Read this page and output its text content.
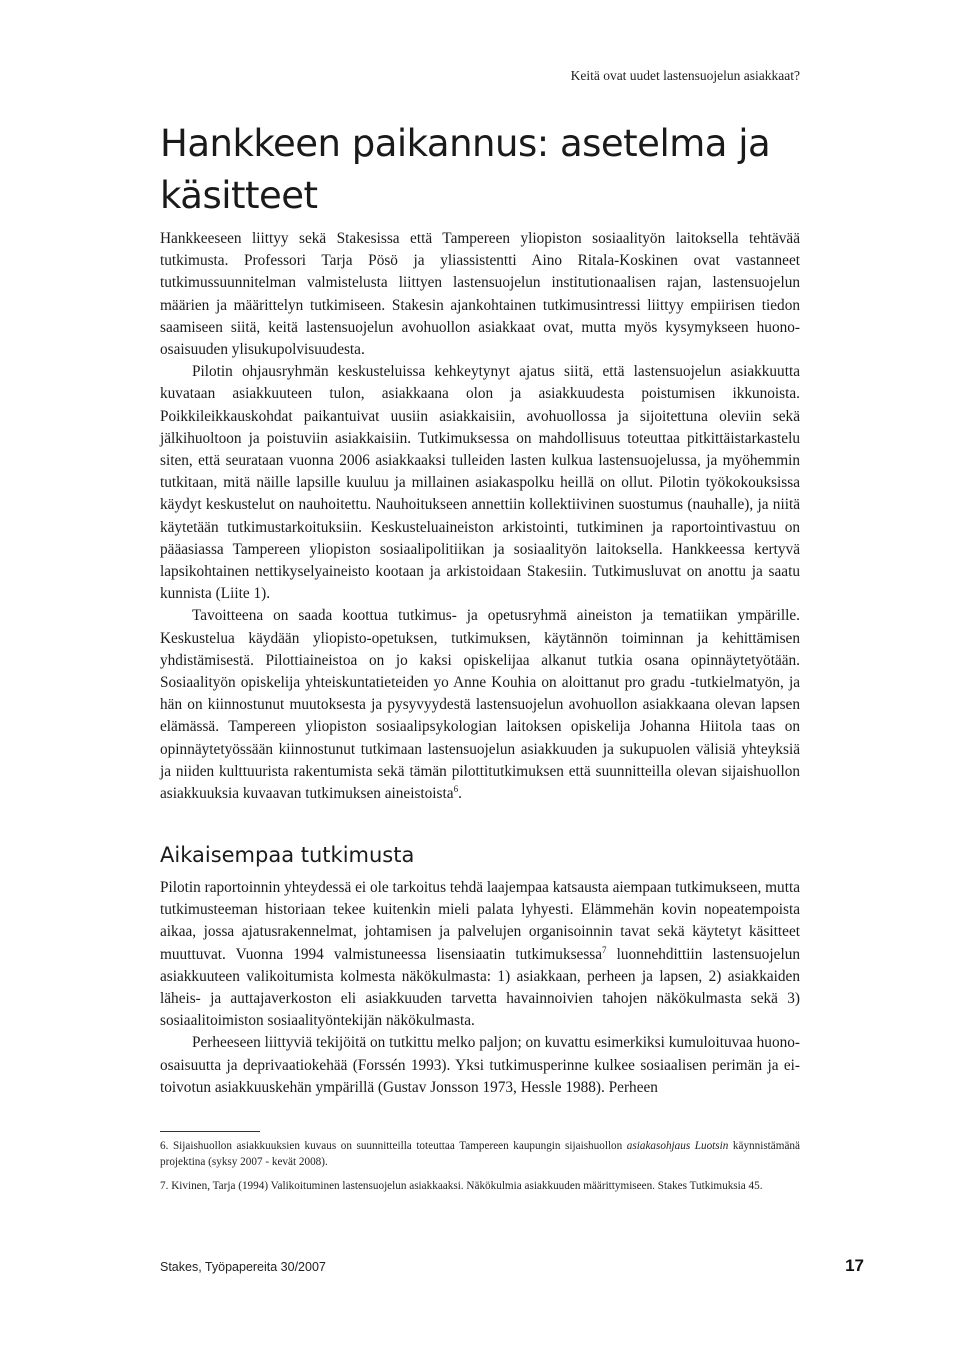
Keitä ovat uudet lastensuojelun asiakkaat?
Hankkeen paikannus: asetelma ja käsitteet

Hankkeeseen liittyy sekä Stakesissa että Tampereen yliopiston sosiaalityön laitoksella tehtävää tutkimusta. Professori Tarja Pösö ja yliassistentti Aino Ritala-Koskinen ovat vastanneet tutkimussuunnitelman valmistelusta liittyen lastensuojelun institutionaalisen rajan, lastensuojelun määrien ja määrittelyn tutkimiseen. Stakesin ajankohtainen tutkimusintressi liittyy empiirisen tiedon saamiseen siitä, keitä lastensuojelun avohuollon asiakkaat ovat, mutta myös kysymykseen huono-osaisuuden ylisukupolvisuudesta.

Pilotin ohjausryhmän keskusteluissa kehkeytynyt ajatus siitä, että lastensuojelun asiakkuutta kuvataan asiakkuuteen tulon, asiakkaana olon ja asiakkuudesta poistumisen ikkunoista. Poikkileikkauskohdat paikantuivat uusiin asiakkaisiin, avohuollossa ja sijoitettuna oleviin sekä jälkihuoltoon ja poistuviin asiakkaisiin. Tutkimuksessa on mahdollisuus toteuttaa pitkittäistarkastelu siten, että seurataan vuonna 2006 asiakkaaksi tulleiden lasten kulkua lastensuojelussa, ja myöhemmin tutkitaan, mitä näille lapsille kuuluu ja millainen asiakaspolku heillä on ollut. Pilotin työkokouksissa käydyt keskustelut on nauhoitettu. Nauhoitukseen annettiin kollektiivinen suostumus (nauhalle), ja niitä käytetään tutkimustarkoituksiin. Keskusteluaineiston arkistointi, tutkiminen ja raportointivastuu on pääasiassa Tampereen yliopiston sosiaalipolitiikan ja sosiaalityön laitoksella. Hankkeessa kertyvä lapsikohtainen nettikyselyaineisto kootaan ja arkistoidaan Stakesiin. Tutkimusluvat on anottu ja saatu kunnista (Liite 1).

Tavoitteena on saada koottua tutkimus- ja opetusryhmä aineiston ja tematiikan ympärille. Keskustelua käydään yliopisto-opetuksen, tutkimuksen, käytännön toiminnan ja kehittämisen yhdistämisestä. Pilottiaineistoa on jo kaksi opiskelijaa alkanut tutkia osana opinnäytetyötään. Sosiaalityön opiskelija yhteiskuntatieteiden yo Anne Kouhia on aloittanut pro gradu -tutkielmatyön, ja hän on kiinnostunut muutoksesta ja pysyvyydestä lastensuojelun avohuollon asiakkaana olevan lapsen elämässä. Tampereen yliopiston sosiaalipsykologian laitoksen opiskelija Johanna Hiitola taas on opinnäytetyössään kiinnostunut tutkimaan lastensuojelun asiakkuuden ja sukupuolen välisiä yhteyksiä ja niiden kulttuurista rakentumista sekä tämän pilottitutkimuksen että suunnitteilla olevan sijaishuollon asiakkuuksia kuvaavan tutkimuksen aineistoista$^6$.

Aikaisempaa tutkimusta

Pilotin raportoinnin yhteydessä ei ole tarkoitus tehdä laajempaa katsausta aiempaan tutkimukseen, mutta tutkimusteeman historiaan tekee kuitenkin mieli palata lyhyesti. Elämmehän kovin nopeatempoista aikaa, jossa ajatusrakennelmat, johtamisen ja palvelujen organisoinnin tavat sekä käytetyt käsitteet muuttuvat. Vuonna 1994 valmistuneessa lisensiaatin tutkimuksessa$^7$ luonnehdittiin lastensuojelun asiakkuuteen valikoitumista kolmesta näkökulmasta: 1) asiakkaan, perheen ja lapsen, 2) asiakkaiden läheis- ja auttajaverkoston eli asiakkuuden tarvetta havainnoivien tahojen näkökulmasta sekä 3) sosiaalitoimiston sosiaalityöntekijän näkökulmasta.

Perheeseen liittyviä tekijöitä on tutkittu melko paljon; on kuvattu esimerkiksi kumuloituvaa huono-osaisuutta ja deprivaatiokehää (Forssén 1993). Yksi tutkimusperinne kulkee sosiaalisen perimän ja ei-toivotun asiakkuuskehän ympärillä (Gustav Jonsson 1973, Hessle 1988). Perheen

6. Sijaishuollon asiakkuuksien kuvaus on suunnitteilla toteuttaa Tampereen kaupungin sijaishuollon asiakasohjaus Luotsin käynnistämänä projektina (syksy 2007 - kevät 2008).

7. Kivinen, Tarja (1994) Valikoituminen lastensuojelun asiakkaaksi. Näkökulmia asiakkuuden määrittymiseen. Stakes Tutkimuksia 45.

Stakes, Työpapereita 30/2007	17
